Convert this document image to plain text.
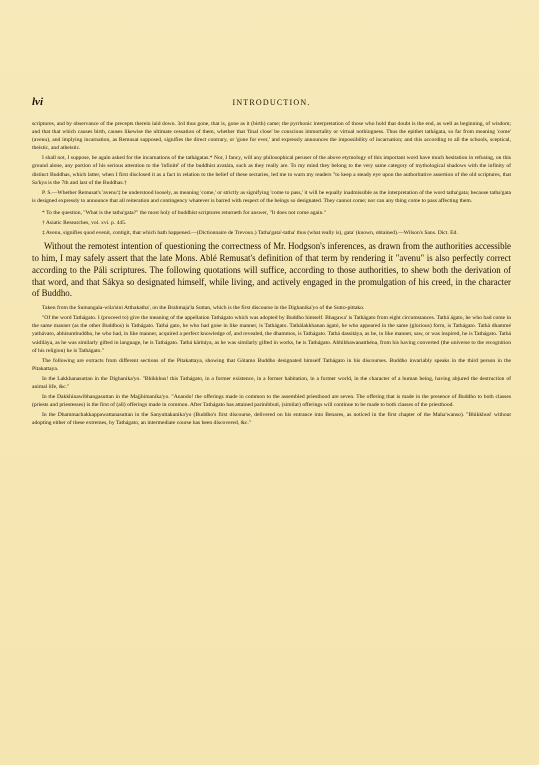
lvi	INTRODUCTION.

scriptures, and by observance of the precepts therein laid down. 3rd thus gone, that is, gone as it (birth) came; the pyrrhonic interpretation of those who hold that doubt is the end, as well as beginning, of wisdom; and that that which causes birth, causes likewise the ultimate cessation of them, whether that 'final close' be conscious immortality or virtual nothingness. Thus the epithet tathágata, so far from meaning 'come' (avenu), and implying incarnation, as Remusat supposed, signifies the direct contrary, or 'gone for ever,' and expressly announces the impossibility of incarnation; and this according to all the schools, sceptical, theistic, and atheistic.

I shall not, I suppose, be again asked for the incarnations of the tathágatas.* Nor, I fancy, will any philosophical peruser of the above etymology of this important word have much hesitation in refusing, on this ground alone, any portion of his serious attention to the 'infinité' of the buddhist avatára, such as they really are. To my mind they belong to the very same category of mythological shadows with the infinity of distinct Buddhas, which latter, when I first disclosed it as a fact in relation to the belief of these sectaries, led me to warn my readers "to keep a steady eye upon the authoritative assertion of the old scriptures, that Sa'kya is the 7th and last of the Buddhas.†

P. S.—Whether Remusat's 'avenu'‡ be understood loosely, as meaning 'come,' or strictly as signifying 'come to pass,' it will be equally inadmissible as the interpretation of the word tatha'gata; because tatha'gata is designed expressly to announce that all reiteration and contingency whatever is barred with respect of the beings so designated. They cannot come; nor can any thing come to pass affecting them.

* To the question, "What is the tatha'gata?" the most holy of buddhist scriptures returneth for answer, "It does not come again."

† Asiatic Researches, vol. xvi. p. 445.

‡ Avenu, signifies quod evenit, contigit, that which hath happened.—(Dictionnaire de Trevoux.) Tatha'gata'-tatha' thus (what really is), gata' (known, obtained).—Wilson's Sans. Dict. Ed.

Without the remotest intention of questioning the correctness of Mr. Hodgson's inferences, as drawn from the authorities accessible to him, I may safely assert that the late Mons. Ablé Remusat's definition of that term by rendering it "avenu" is also perfectly correct according to the Páli scriptures. The following quotations will suffice, according to those authorities, to shew both the derivation of that word, and that Sákya so designated himself, while living, and actively engaged in the promulgation of his creed, in the character of Buddho.

Taken from the Sumangala-wila'sini Atthakatha', on the Brahmaja'la Suttan, which is the first discourse in the Dighanika'yo of the Sutto-pittako.

"Of the word Tathágato. I (proceed to) give the meaning of the appellation Tathágato which was adopted by Buddho himself. Bhagawa' is Tathágato from eight circumstances. Tathá ágato, he who had come in the same manner (as the other Buddhos) is Tathágato. Tathá gato, he who had gone in like manner, is Tathágato. Tathálakkhanan ágató, he who appeared in the same (glorious) form, is Tathágato. Tathá dhammé yathávato, abhisumbuddho, he who had, in like manner, acquired a perfect knowledge of, and revealed, the dhammos, is Tathágato. Tathá dassitáya, as he, in like manner, saw, or was inspired, he is Tathágato. Tathá wádiláya, as he was similarly gifted in language, he is Tathágato. Tathá káritáya, as he was similarly gifted in works, he is Tathágato. Abhibhawanatthéna, from his having converted (the universe to the recognition of his religion) he is Tathágato."

The following are extracts from different sections of the Pitakattaya, showing that Gótamo Buddho designated himself Tathágato in his discourses. Buddho invariably speaks in the third person in the Pitakattaya.

In the Lakkhanasuttan in the Dighanika'yo. "Bhikkhus! this Tathágato, in a former existence, in a former habitation, in a former world, in the character of a human being, having abjured the destruction of animal life, &c."

In the Dakkhinawibhangasuttan in the Majjhimanika'yo. "Anando! the offerings made in common to the assembled priesthood are seven. The offering that is made in the presence of Buddho to both classes (priests and priestesses) is the first of (all) offerings made in common. After Tathágato has attained parinibbuti, (similar) offerings will continue to be made to both classes of the priesthood.

In the Dhammachakkappawattanasuttan in the Sanyuttakanika'yo (Buddho's first discourse, delivered on his entrance into Benares, as noticed in the first chapter of the Maha'wanso). "Bhikkhus! without adopting either of these extremes, by Tathágato, an intermediate course has been discovered, &c."
